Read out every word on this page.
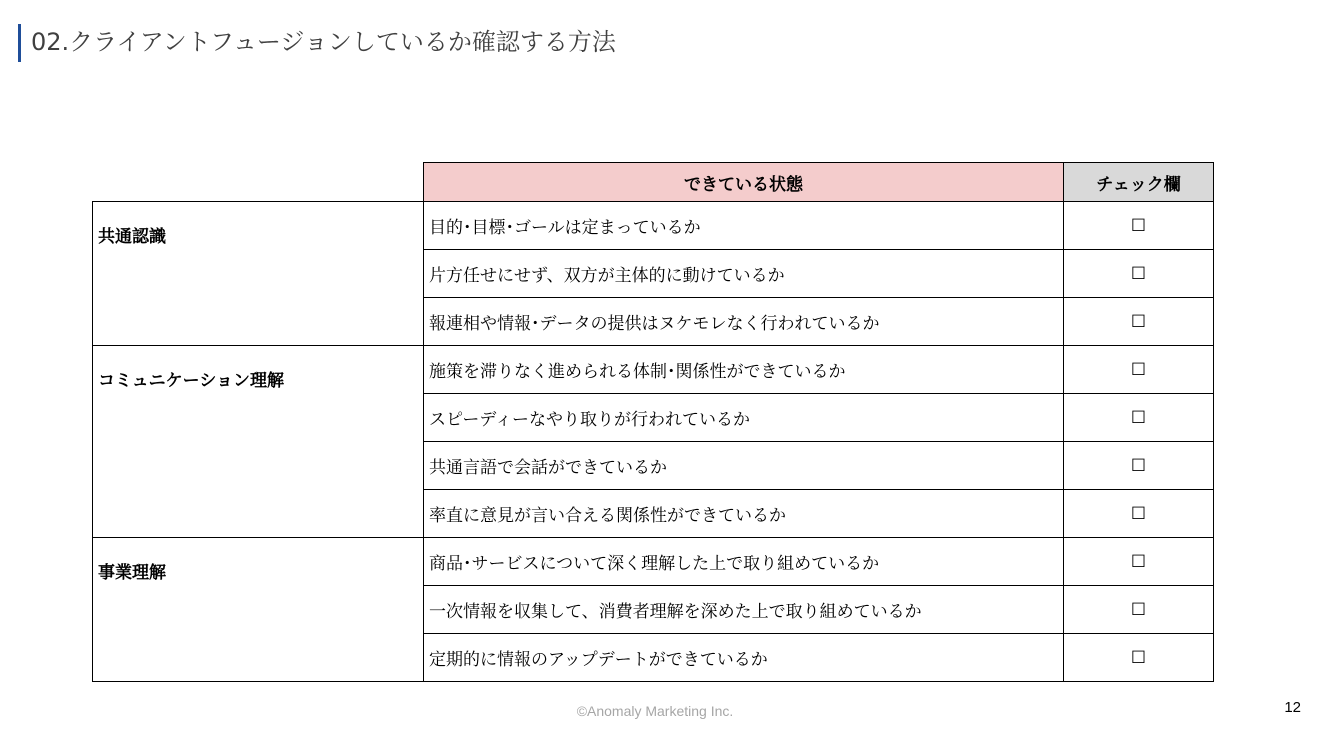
02.クライアントフュージョンしているか確認する方法
	できている状態	チェック欄
共通認識	目的･目標･ゴールは定まっているか	☐
	片方任せにせず、双方が主体的に動けているか	☐
	報連相や情報･データの提供はヌケモレなく行われているか	☐
コミュニケーション理解	施策を滞りなく進められる体制･関係性ができているか	☐
	スピーディーなやり取りが行われているか	☐
	共通言語で会話ができているか	☐
	率直に意見が言い合える関係性ができているか	☐
事業理解	商品･サービスについて深く理解した上で取り組めているか	☐
	一次情報を収集して、消費者理解を深めた上で取り組めているか	☐
	定期的に情報のアップデートができているか	☐
©Anomaly Marketing Inc.	12
